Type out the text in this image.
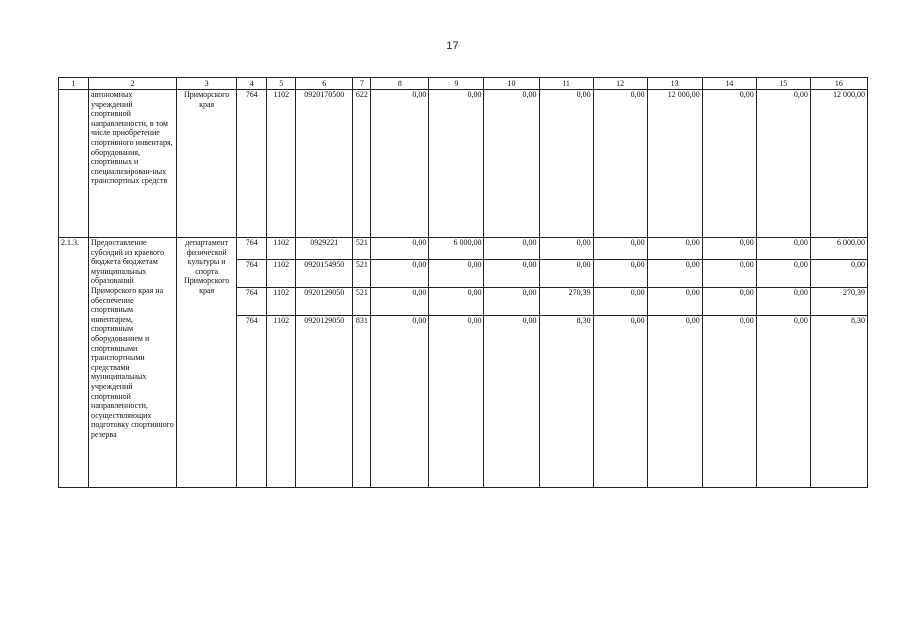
17
1	2	3	4	5	6	7	8	9	10	11	12	13	14	15	16
	автономных учреждений спортивной направленности, в том числе приобретение спортивного инвентаря, оборудования, спортивных и специализирован-ных транспортных средств	Приморского края	764	1102	0920170500	622	0,00	0,00	0,00	0,00	0,00	12 000,00	0,00	0,00	12 000,00
2.1.3.	Предоставление субсидий из краевого бюджета бюджетам муниципальных образований Приморского края на обеспечение спортивным инвентарем, спортивным оборудованием и спортивными транспортными средствами муниципальных учреждений спортивной направленности, осуществляющих подготовку спортивного резерва	департамент физической культуры и спорта Приморского края	764	1102	0929221	521	0,00	6 000,00	0,00	0,00	0,00	0,00	0,00	0,00	6 000,00
			764	1102	0920154950	521	0,00	0,00	0,00	0,00	0,00	0,00	0,00	0,00	0,00
			764	1102	0920129050	521	0,00	0,00	0,00	270,39	0,00	0,00	0,00	0,00	270,39
			764	1102	0920129050	831	0,00	0,00	0,00	8,30	0,00	0,00	0,00	0,00	8,30
